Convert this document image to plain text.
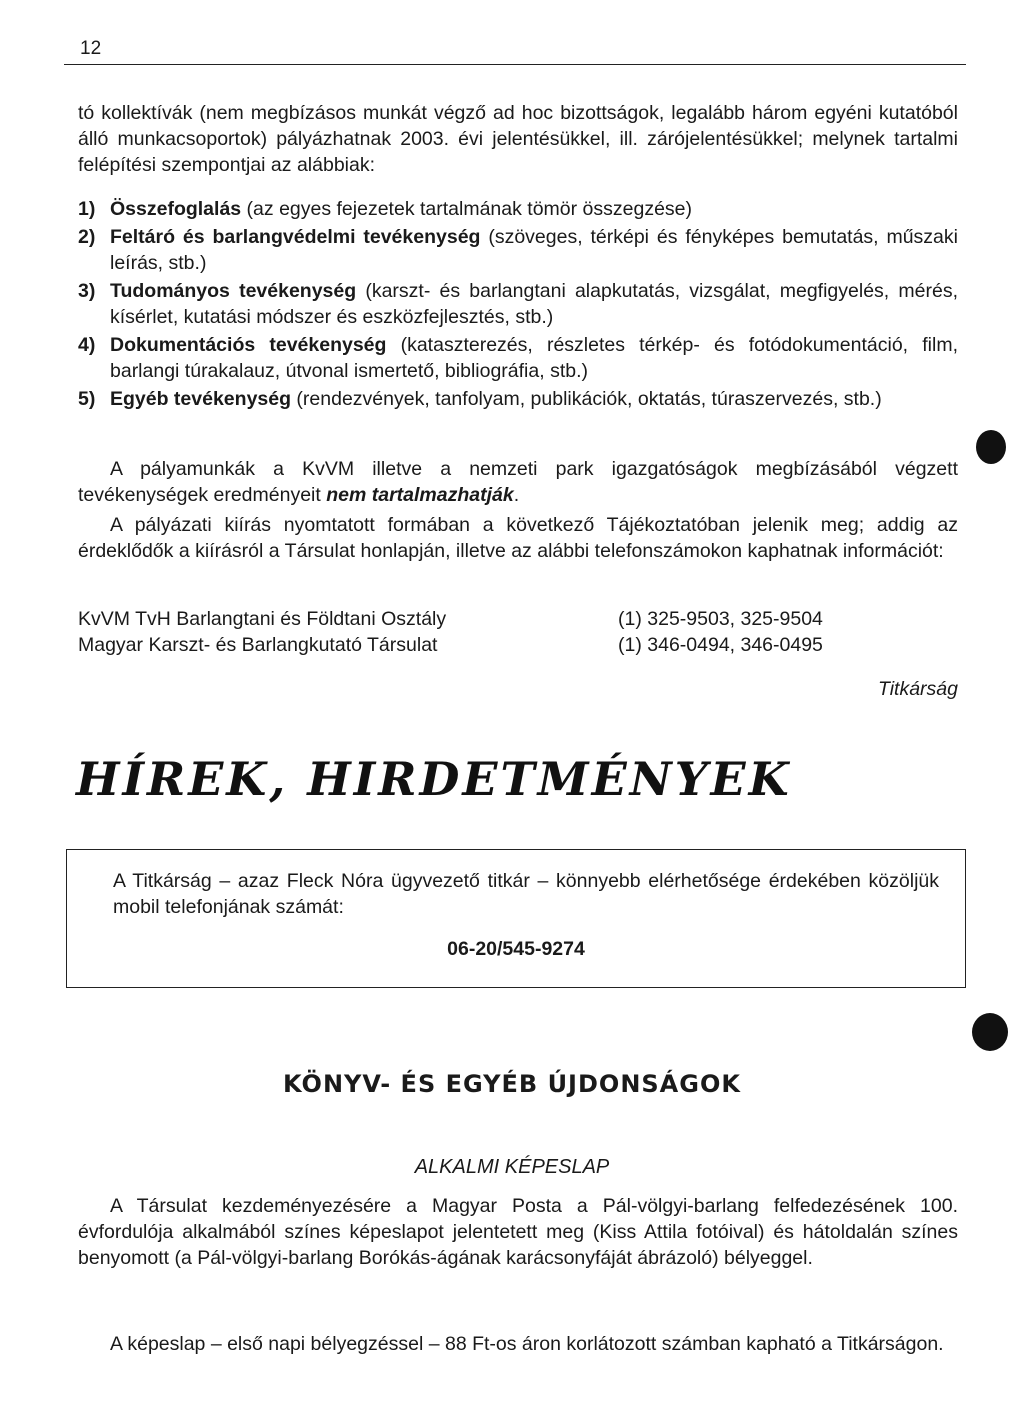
12
tó kollektívák (nem megbízásos munkát végző ad hoc bizottságok, legalább három egyéni kutatóból álló munkacsoportok) pályázhatnak 2003. évi jelentésükkel, ill. zárójelentésükkel; melynek tartalmi felépítési szempontjai az alábbiak:
1) Összefoglalás (az egyes fejezetek tartalmának tömör összegzése)
2) Feltáró és barlangvédelmi tevékenység (szöveges, térképi és fényképes bemutatás, műszaki leírás, stb.)
3) Tudományos tevékenység (karszt- és barlangtani alapkutatás, vizsgálat, megfigyelés, mérés, kísérlet, kutatási módszer és eszközfejlesztés, stb.)
4) Dokumentációs tevékenység (kataszterezés, részletes térkép- és fotódokumentáció, film, barlangi túrakalauz, útvonal ismertető, bibliográfia, stb.)
5) Egyéb tevékenység (rendezvények, tanfolyam, publikációk, oktatás, túraszervezés, stb.)
A pályamunkák a KvVM illetve a nemzeti park igazgatóságok megbízásából végzett tevékenységek eredményeit nem tartalmazhatják.
A pályázati kiírás nyomtatott formában a következő Tájékoztatóban jelenik meg; addig az érdeklődők a kiírásról a Társulat honlapján, illetve az alábbi telefonszámokon kaphatnak információt:
KvVM TvH Barlangtani és Földtani Osztály	(1) 325-9503, 325-9504
Magyar Karszt- és Barlangkutató Társulat	(1) 346-0494, 346-0495
Titkárság
HÍREK, HIRDETMÉNYEK
A Titkárság – azaz Fleck Nóra ügyvezető titkár – könnyebb elérhetősége érdekében közöljük mobil telefonjának számát:
06-20/545-9274
KÖNYV- ÉS EGYÉB ÚJDONSÁGOK
ALKALMI KÉPESLAP
A Társulat kezdeményezésére a Magyar Posta a Pál-völgyi-barlang felfedezésének 100. évfordulója alkalmából színes képeslapot jelentetett meg (Kiss Attila fotóival) és hátoldalán színes benyomott (a Pál-völgyi-barlang Borókás-ágának karácsonyfáját ábrázoló) bélyeggel.
A képeslap – első napi bélyegzéssel – 88 Ft-os áron korlátozott számban kapható a Titkárságon.
